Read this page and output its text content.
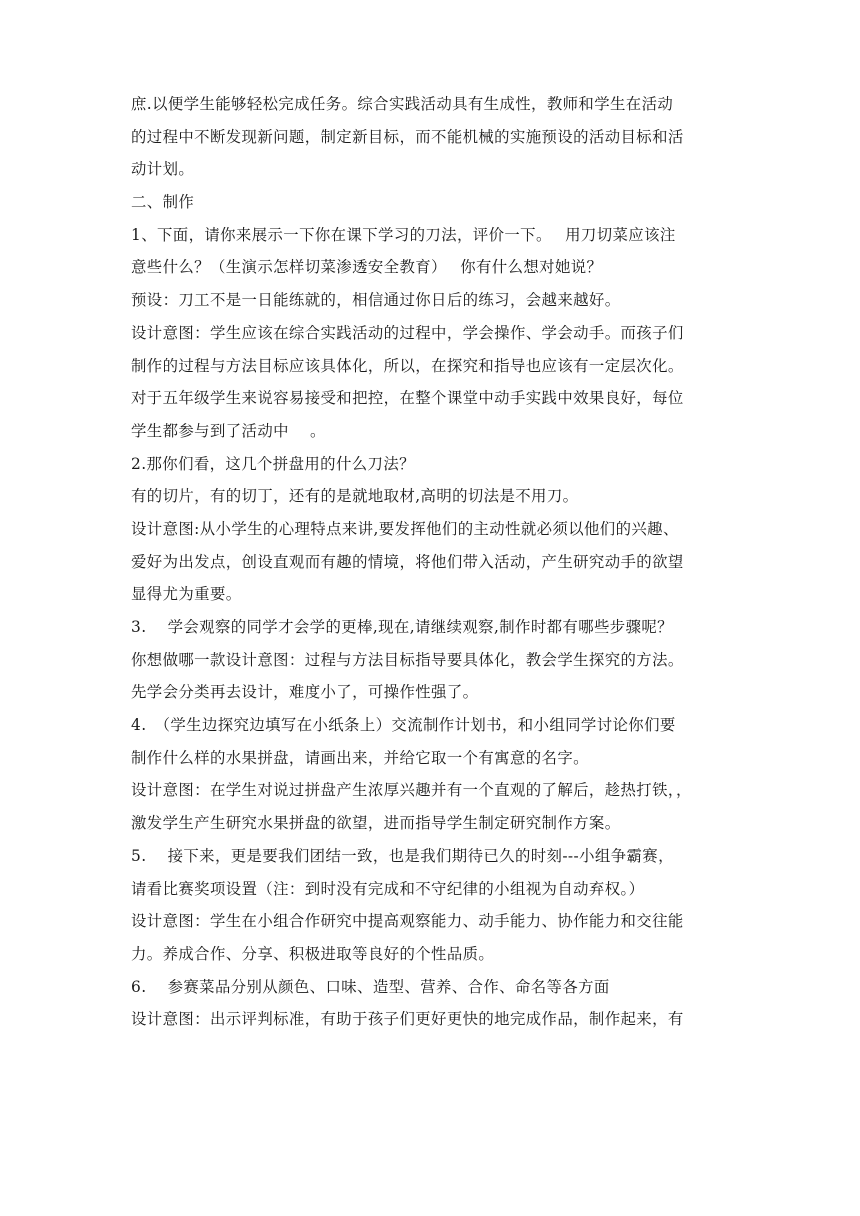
庶.以便学生能够轻松完成任务。综合实践活动具有生成性，教师和学生在活动
的过程中不断发现新问题，制定新目标，而不能机械的实施预设的活动目标和活
动计划。
二、制作
1、下面，请你来展示一下你在课下学习的刀法，评价一下。　 用刀切菜应该注
意些什么？（生演示怎样切菜渗透安全教育）　 你有什么想对她说？
预设：刀工不是一日能练就的，相信通过你日后的练习，会越来越好。
设计意图：学生应该在综合实践活动的过程中，学会操作、学会动手。而孩子们
制作的过程与方法目标应该具体化，所以，在探究和指导也应该有一定层次化。
对于五年级学生来说容易接受和把控，在整个课堂中动手实践中效果良好，每位
学生都参与到了活动中　 。
2.那你们看，这几个拼盘用的什么刀法？
有的切片，有的切丁，还有的是就地取材,高明的切法是不用刀。
设计意图:从小学生的心理特点来讲,要发挥他们的主动性就必须以他们的兴趣、
爱好为出发点，创设直观而有趣的情境，将他们带入活动，产生研究动手的欲望
显得尤为重要。
3.　 学会观察的同学才会学的更棒,现在,请继续观察,制作时都有哪些步骤呢？
你想做哪一款设计意图：过程与方法目标指导要具体化，教会学生探究的方法。
先学会分类再去设计，难度小了，可操作性强了。
4.　（学生边探究边填写在小纸条上）交流制作计划书，和小组同学讨论你们要
制作什么样的水果拼盘，请画出来，并给它取一个有寓意的名字。
设计意图：在学生对说过拼盘产生浓厚兴趣并有一个直观的了解后，趁热打铁，，
激发学生产生研究水果拼盘的欲望，进而指导学生制定研究制作方案。
5.　 接下来，更是要我们团结一致，也是我们期待已久的时刻---小组争霸赛，
请看比赛奖项设置（注：到时没有完成和不守纪律的小组视为自动弃权。）
设计意图：学生在小组合作研究中提高观察能力、动手能力、协作能力和交往能
力。养成合作、分享、积极进取等良好的个性品质。
6.　 参赛菜品分别从颜色、口味、造型、营养、合作、命名等各方面
设计意图：出示评判标准，有助于孩子们更好更快的地完成作品，制作起来，有
